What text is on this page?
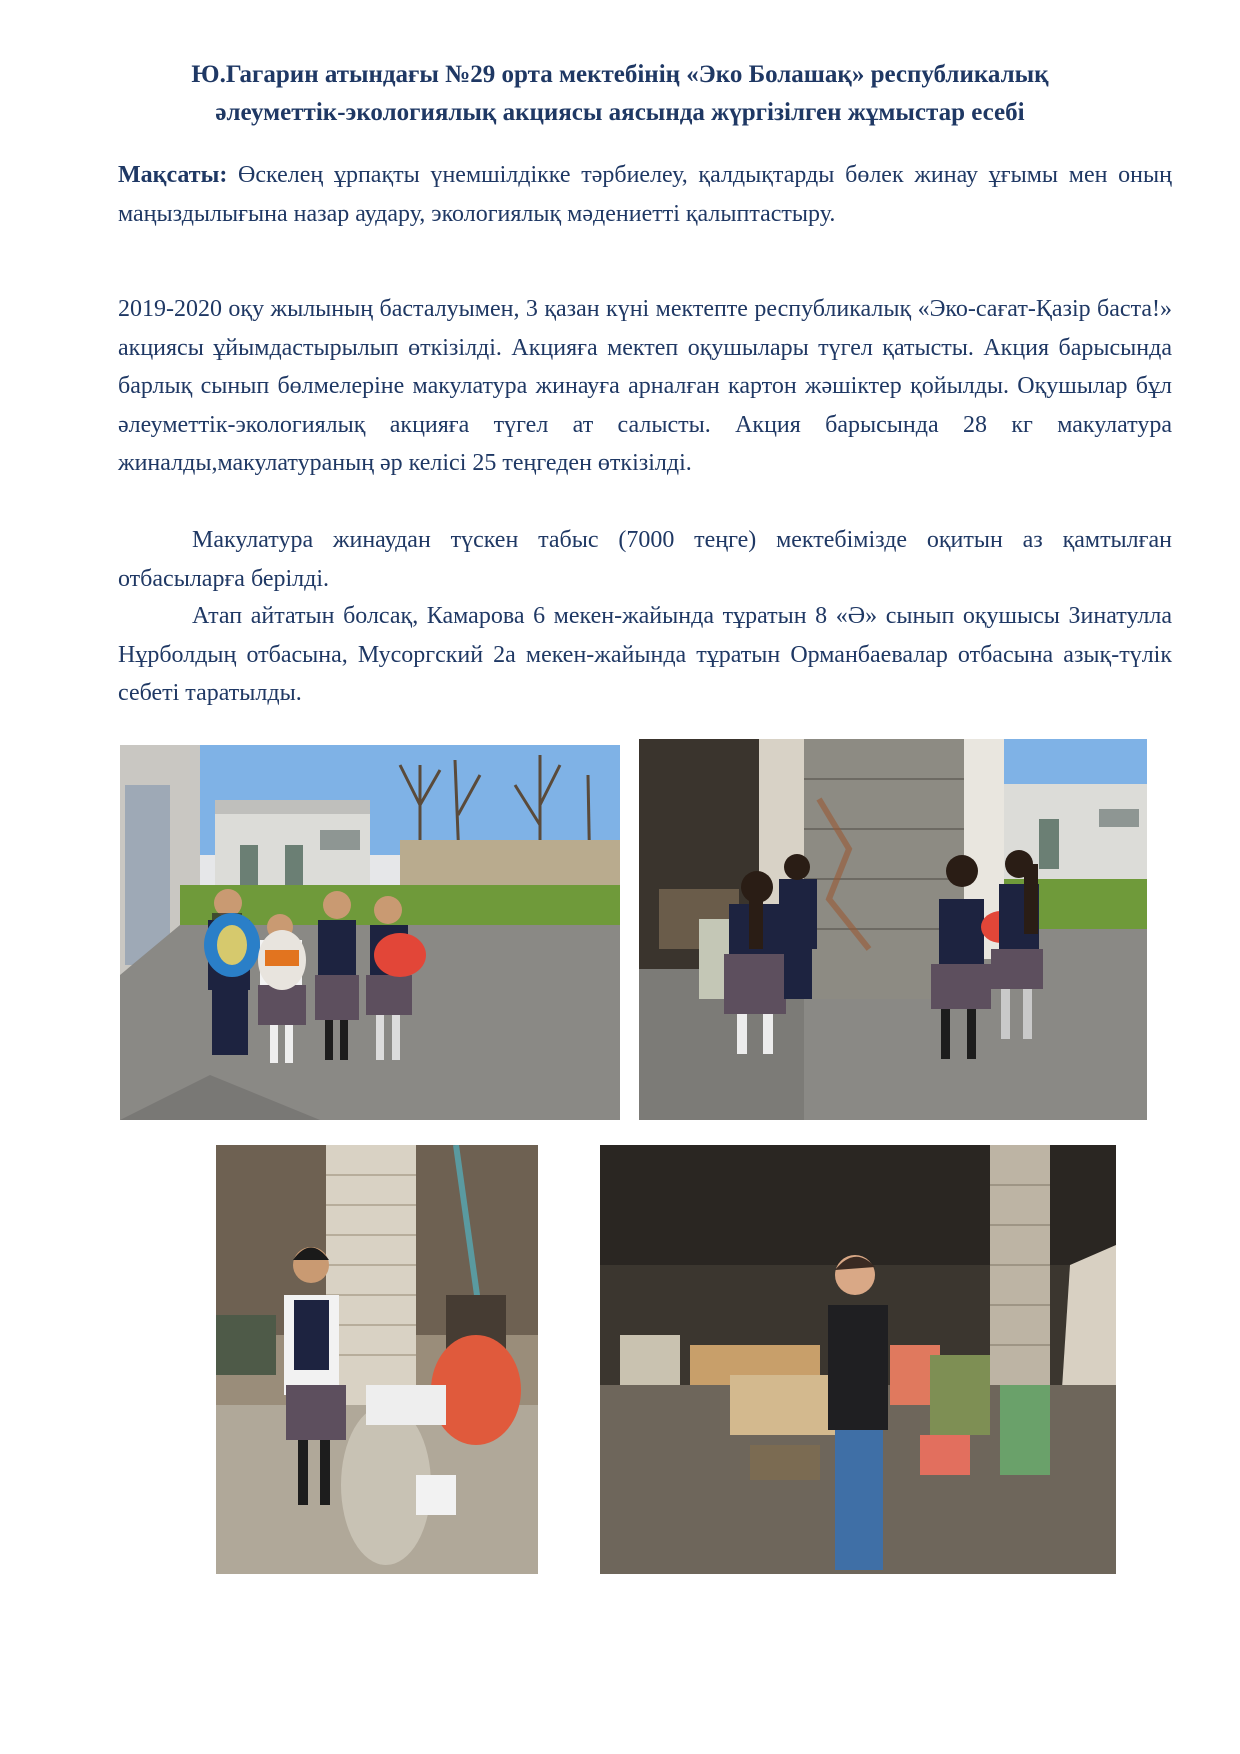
Ю.Гагарин атындағы №29 орта мектебінің «Эко Болашақ» республикалық
әлеуметтік-экологиялық акциясы аясында жүргізілген жұмыстар есебі

Мақсаты: Өскелең ұрпақты үнемшілдікке тәрбиелеу, қалдықтарды бөлек жинау ұғымы мен оның маңыздылығына назар аудару, экологиялық мәдениетті қалыптастыру.

2019-2020 оқу жылының басталуымен, 3 қазан күні мектепте республикалық «Эко-сағат-Қазір баста!» акциясы ұйымдастырылып өткізілді. Акцияға мектеп оқушылары түгел қатысты. Акция барысында барлық сынып бөлмелеріне макулатура жинауға арналған картон жәшіктер қойылды. Оқушылар бұл әлеуметтік-экологиялық акцияға түгел ат салысты. Акция барысында 28 кг макулатура жиналды,макулатураның әр келісі 25 теңгеден өткізілді.

Макулатура жинаудан түскен табыс (7000 теңге) мектебімізде оқитын аз қамтылған отбасыларға берілді.

Атап айтатын болсақ, Камарова 6 мекен-жайында тұратын 8 «Ә» сынып оқушысы Зинатулла Нұрболдың отбасына, Мусоргский 2а мекен-жайында тұратын Орманбаевалар отбасына азық-түлік себеті таратылды.
